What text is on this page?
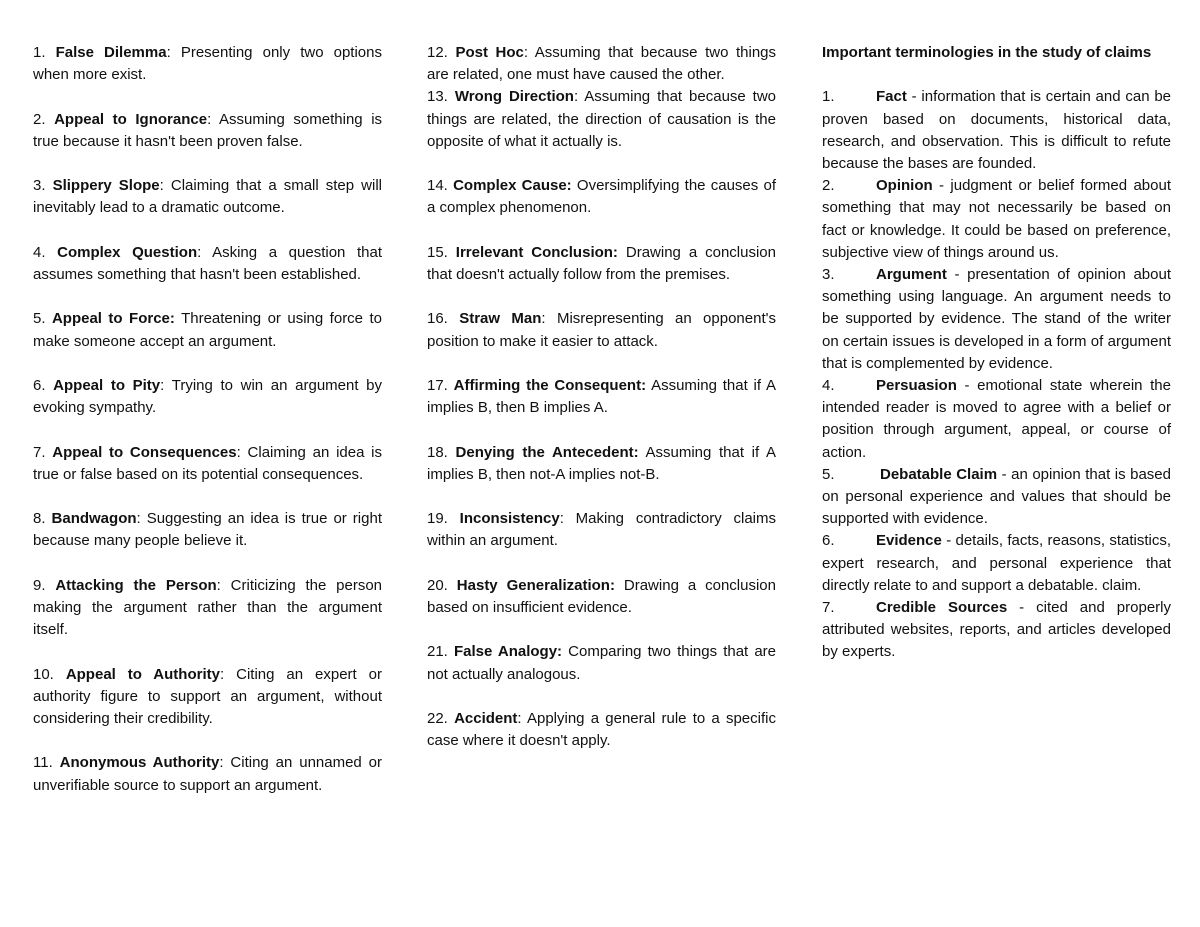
1. False Dilemma: Presenting only two options when more exist.

2. Appeal to Ignorance: Assuming something is true because it hasn't been proven false.

3. Slippery Slope: Claiming that a small step will inevitably lead to a dramatic outcome.

4. Complex Question: Asking a question that assumes something that hasn't been established.

5. Appeal to Force: Threatening or using force to make someone accept an argument.

6. Appeal to Pity: Trying to win an argument by evoking sympathy.

7. Appeal to Consequences: Claiming an idea is true or false based on its potential consequences.

8. Bandwagon: Suggesting an idea is true or right because many people believe it.

9. Attacking the Person: Criticizing the person making the argument rather than the argument itself.

10. Appeal to Authority: Citing an expert or authority figure to support an argument, without considering their credibility.

11. Anonymous Authority: Citing an unnamed or unverifiable source to support an argument.

12. Post Hoc: Assuming that because two things are related, one must have caused the other.

13. Wrong Direction: Assuming that because two things are related, the direction of causation is the opposite of what it actually is.

14. Complex Cause: Oversimplifying the causes of a complex phenomenon.

15. Irrelevant Conclusion: Drawing a conclusion that doesn't actually follow from the premises.

16. Straw Man: Misrepresenting an opponent's position to make it easier to attack.

17. Affirming the Consequent: Assuming that if A implies B, then B implies A.

18. Denying the Antecedent: Assuming that if A implies B, then not-A implies not-B.

19. Inconsistency: Making contradictory claims within an argument.

20. Hasty Generalization: Drawing a conclusion based on insufficient evidence.

21. False Analogy: Comparing two things that are not actually analogous.

22. Accident: Applying a general rule to a specific case where it doesn't apply.

Important terminologies in the study of claims

1.	Fact - information that is certain and can be proven based on documents, historical data, research, and observation. This is difficult to refute because the bases are founded.

2.	Opinion - judgment or belief formed about something that may not necessarily be based on fact or knowledge. It could be based on preference, subjective view of things around us.

3.	Argument - presentation of opinion about something using language. An argument needs to be supported by evidence. The stand of the writer on certain issues is developed in a form of argument that is complemented by evidence.

4.	Persuasion - emotional state wherein the intended reader is moved to agree with a belief or position through argument, appeal, or course of action.

5.	Debatable Claim - an opinion that is based on personal experience and values that should be supported with evidence.

6.	Evidence - details, facts, reasons, statistics, expert research, and personal experience that directly relate to and support a debatable. claim.

7.	Credible Sources - cited and properly attributed websites, reports, and articles developed by experts.
